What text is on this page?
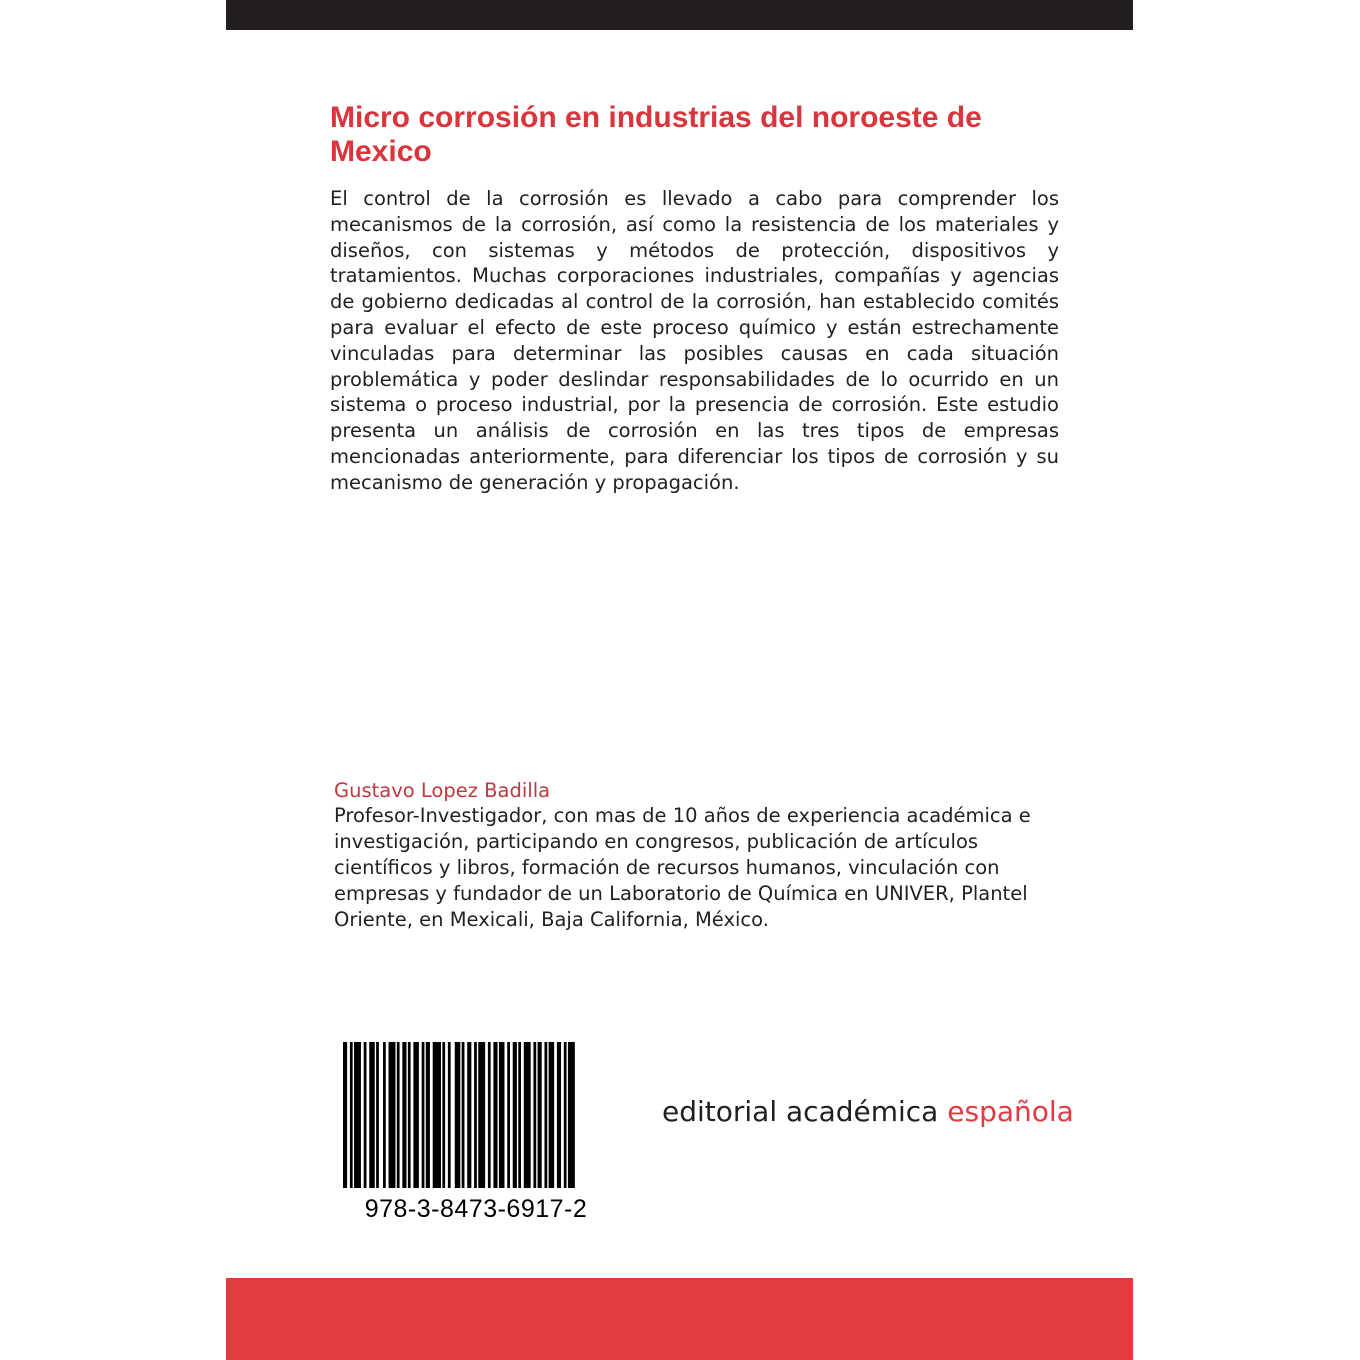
Micro corrosión en industrias del noroeste de Mexico

El control de la corrosión es llevado a cabo para comprender los mecanismos de la corrosión, así como la resistencia de los materiales y diseños, con sistemas y métodos de protección, dispositivos y tratamientos. Muchas corporaciones industriales, compañías y agencias de gobierno dedicadas al control de la corrosión, han establecido comités para evaluar el efecto de este proceso químico y están estrechamente vinculadas para determinar las posibles causas en cada situación problemática y poder deslindar responsabilidades de lo ocurrido en un sistema o proceso industrial, por la presencia de corrosión. Este estudio presenta un análisis de corrosión en las tres tipos de empresas mencionadas anteriormente, para diferenciar los tipos de corrosión y su mecanismo de generación y propagación.

Gustavo Lopez Badilla

Profesor-Investigador, con mas de 10 años de experiencia académica e investigación, participando en congresos, publicación de artículos científicos y libros, formación de recursos humanos, vinculación con empresas y fundador de un Laboratorio de Química en UNIVER, Plantel Oriente, en Mexicali, Baja California, México.

978-3-8473-6917-2

editorial académica española
